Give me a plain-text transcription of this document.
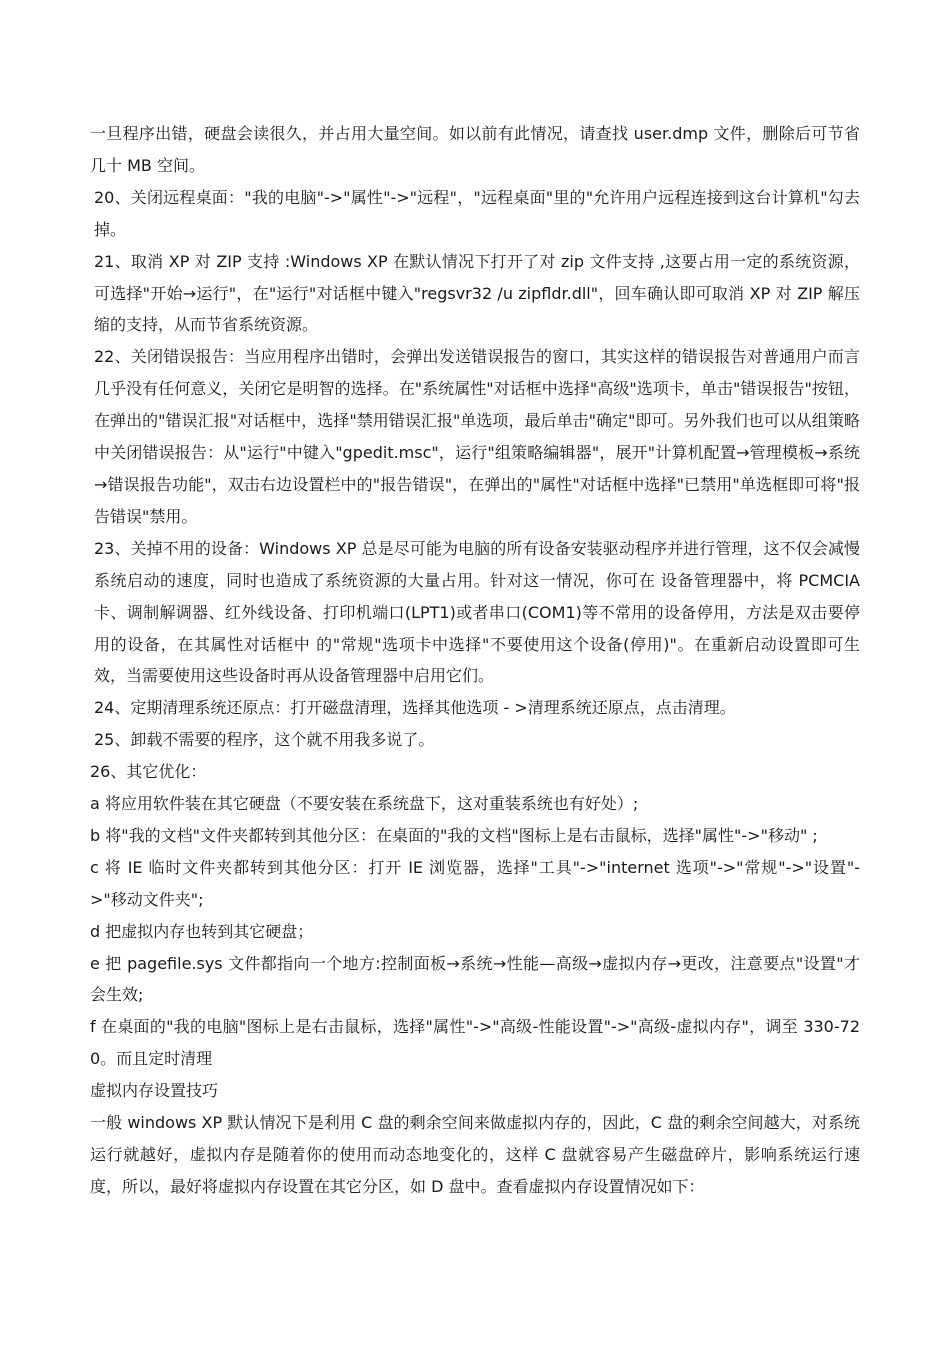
一旦程序出错，硬盘会读很久，并占用大量空间。如以前有此情况，请查找 user.dmp 文件，删除后可节省几十 MB 空间。

20、关闭远程桌面："我的电脑"->"属性"->"远程"，"远程桌面"里的"允许用户远程连接到这台计算机"勾去掉。

21、取消 XP 对 ZIP 支持 :Windows XP 在默认情况下打开了对 zip 文件支持 ,这要占用一定的系统资源，可选择"开始→运行"，在"运行"对话框中键入"regsvr32 /u zipfldr.dll"，回车确认即可取消 XP 对 ZIP 解压缩的支持，从而节省系统资源。

22、关闭错误报告：当应用程序出错时，会弹出发送错误报告的窗口，其实这样的错误报告对普通用户而言几乎没有任何意义，关闭它是明智的选择。在"系统属性"对话框中选择"高级"选项卡，单击"错误报告"按钮，在弹出的"错误汇报"对话框中，选择"禁用错误汇报"单选项，最后单击"确定"即可。另外我们也可以从组策略中关闭错误报告：从"运行"中键入"gpedit.msc"，运行"组策略编辑器"，展开"计算机配置→管理模板→系统→错误报告功能"，双击右边设置栏中的"报告错误"，在弹出的"属性"对话框中选择"已禁用"单选框即可将"报告错误"禁用。

23、关掉不用的设备：Windows XP 总是尽可能为电脑的所有设备安装驱动程序并进行管理，这不仅会减慢系统启动的速度，同时也造成了系统资源的大量占用。针对这一情况，你可在 设备管理器中，将 PCMCIA 卡、调制解调器、红外线设备、打印机端口(LPT1)或者串口(COM1)等不常用的设备停用，方法是双击要停用的设备，在其属性对话框中 的"常规"选项卡中选择"不要使用这个设备(停用)"。在重新启动设置即可生效，当需要使用这些设备时再从设备管理器中启用它们。

24、定期清理系统还原点：打开磁盘清理，选择其他选项 - >清理系统还原点，点击清理。

25、卸载不需要的程序，这个就不用我多说了。

26、其它优化：

a 将应用软件装在其它硬盘（不要安装在系统盘下，这对重装系统也有好处）;

b 将"我的文档"文件夹都转到其他分区：在桌面的"我的文档"图标上是右击鼠标，选择"属性"->"移动" ;

c 将 IE 临时文件夹都转到其他分区：打开 IE 浏览器，选择"工具"->"internet 选项"->"常规"->"设置"->"移动文件夹";

d 把虚拟内存也转到其它硬盘；

e 把 pagefile.sys 文件都指向一个地方:控制面板→系统→性能—高级→虚拟内存→更改，注意要点"设置"才会生效;

f 在桌面的"我的电脑"图标上是右击鼠标，选择"属性"->"高级-性能设置"->"高级-虚拟内存"，调至 330-720。而且定时清理

虚拟内存设置技巧

一般 windows XP 默认情况下是利用 C 盘的剩余空间来做虚拟内存的，因此，C 盘的剩余空间越大，对系统运行就越好，虚拟内存是随着你的使用而动态地变化的，这样 C 盘就容易产生磁盘碎片，影响系统运行速度，所以，最好将虚拟内存设置在其它分区，如 D 盘中。查看虚拟内存设置情况如下：
